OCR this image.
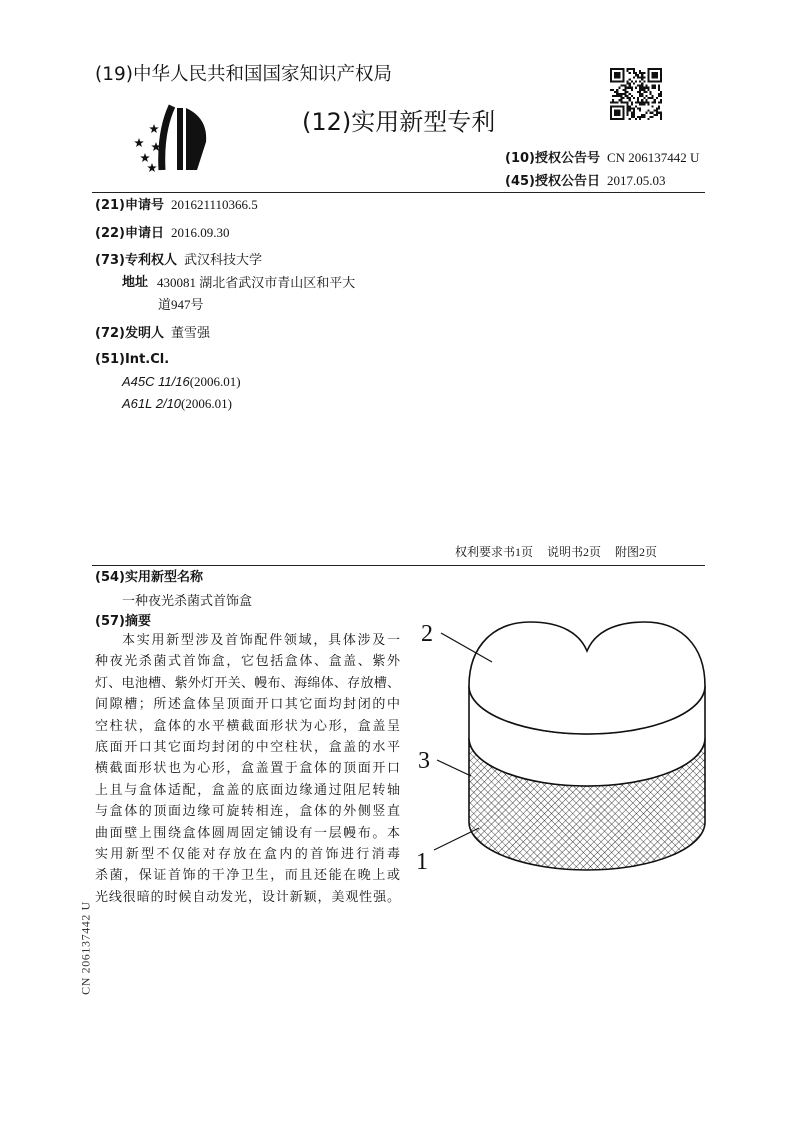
(19)中华人民共和国国家知识产权局
(12)实用新型专利
(10)授权公告号 CN 206137442 U
(45)授权公告日 2017.05.03
(21)申请号 201621110366.5
(22)申请日 2016.09.30
(73)专利权人 武汉科技大学
地址 430081 湖北省武汉市青山区和平大
道947号
(72)发明人 董雪强
(51)Int.Cl.
A45C 11/16(2006.01)
A61L 2/10(2006.01)
权利要求书1页 说明书2页 附图2页
(54)实用新型名称
一种夜光杀菌式首饰盒
(57)摘要
本实用新型涉及首饰配件领域，具体涉及一
种夜光杀菌式首饰盒，它包括盒体、盒盖、紫外
灯、电池槽、紫外灯开关、幔布、海绵体、存放槽、
间隙槽；所述盒体呈顶面开口其它面均封闭的中
空柱状，盒体的水平横截面形状为心形，盒盖呈
底面开口其它面均封闭的中空柱状，盒盖的水平
横截面形状也为心形，盒盖置于盒体的顶面开口
上且与盒体适配，盒盖的底面边缘通过阻尼转轴
与盒体的顶面边缘可旋转相连，盒体的外侧竖直
曲面壁上围绕盒体圆周固定铺设有一层幔布。本
实用新型不仅能对存放在盒内的首饰进行消毒
杀菌，保证首饰的干净卫生，而且还能在晚上或
光线很暗的时候自动发光，设计新颖，美观性强。
2
3
1
CN 206137442 U
